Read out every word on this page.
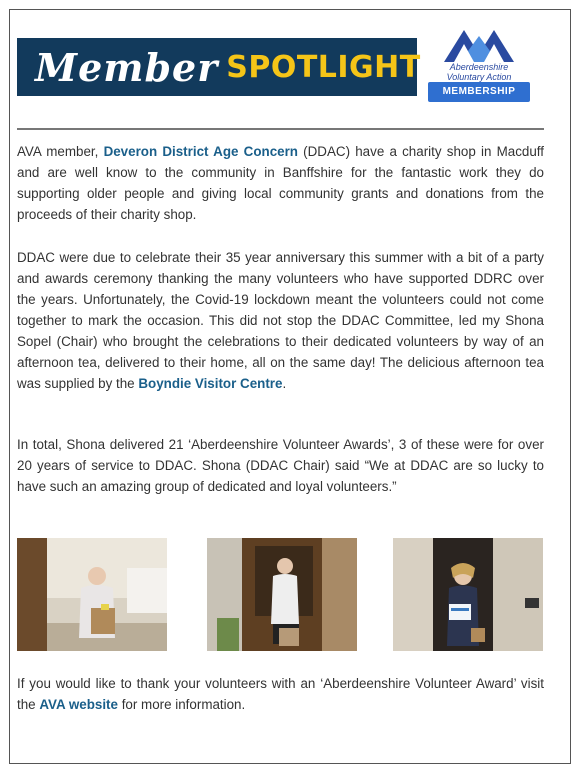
Member SPOTLIGHT	Aberdeenshire
Voluntary Action
MEMBERSHIP

AVA member, Deveron District Age Concern (DDAC) have a charity shop in Macduff and are well know to the community in Banffshire for the fantastic work they do supporting older people and giving local community grants and donations from the proceeds of their charity shop.

DDAC were due to celebrate their 35 year anniversary this summer with a bit of a party and awards ceremony thanking the many volunteers who have supported DDRC over the years. Unfortunately, the Covid-19 lockdown meant the volunteers could not come together to mark the occasion. This did not stop the DDAC Committee, led my Shona Sopel (Chair) who brought the celebrations to their dedicated volunteers by way of an afternoon tea, delivered to their home, all on the same day! The delicious afternoon tea was supplied by the Boyndie Visitor Centre.

In total, Shona delivered 21 ‘Aberdeenshire Volunteer Awards’, 3 of these were for over 20 years of service to DDAC. Shona (DDAC Chair) said “We at DDAC are so lucky to have such an amazing group of dedicated and loyal volunteers.”

If you would like to thank your volunteers with an ‘Aberdeenshire Volunteer Award’ visit the AVA website for more information.
